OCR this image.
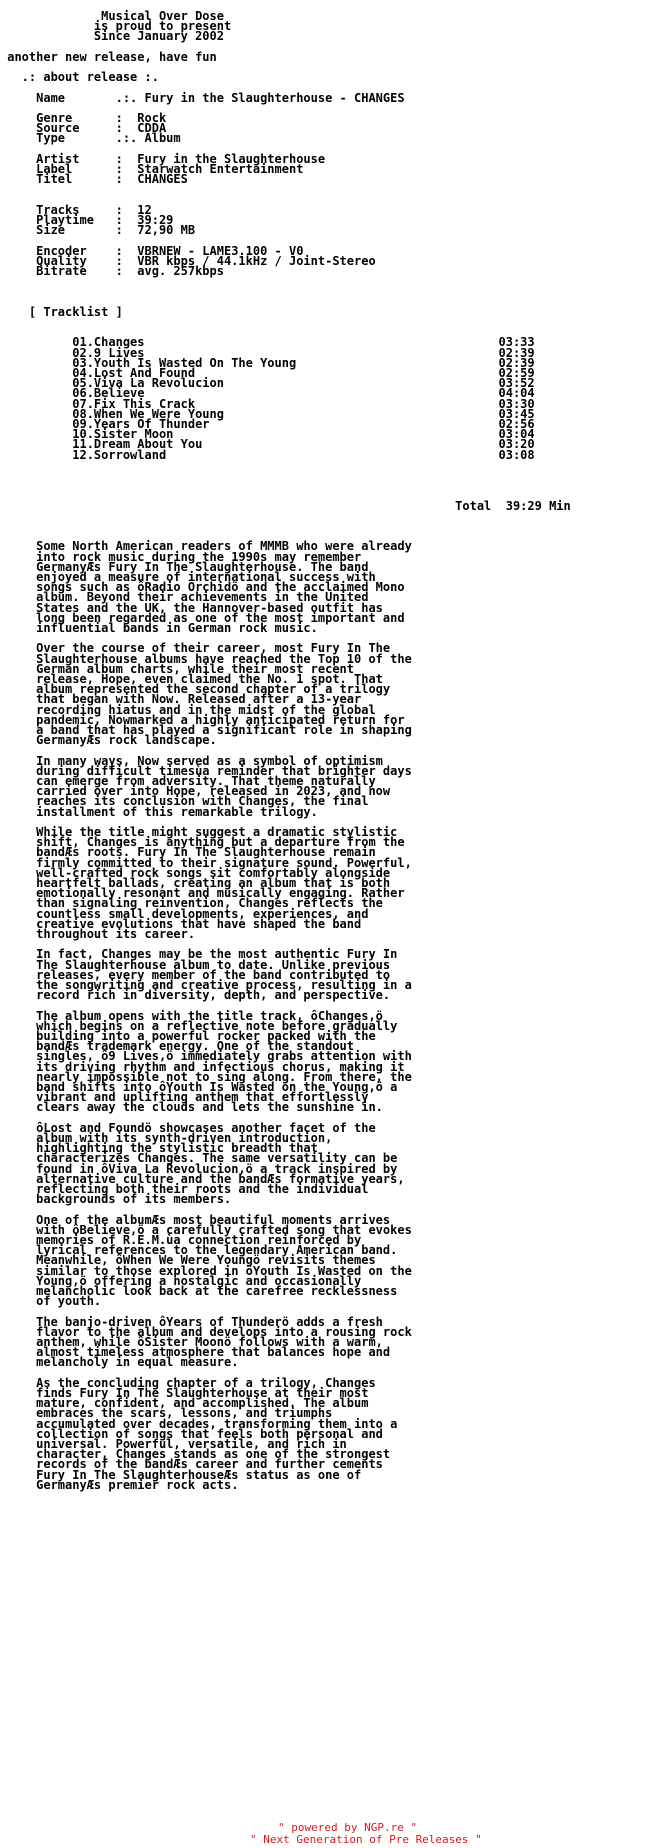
Musical Over Dose
is proud to present
Since January 2002
another new release, have fun
.: about release :.
Name       .:. Fury in the Slaughterhouse - CHANGES
Genre      :  Rock
Source     :  CDDA
Type       .:. Album
Artist     :  Fury in the Slaughterhouse
Label      :  Starwatch Entertainment
Titel      :  CHANGES
Tracks     :  12
Playtime   :  39:29
Size       :  72,90 MB
Encoder    :  VBRNEW - LAME3.100 - V0
Quality    :  VBR kbps / 44.1kHz / Joint-Stereo
Bitrate    :  avg. 257kbps
[ Tracklist ]
01.Changes                                                 03:33
02.9 Lives                                                 02:39
03.Youth Is Wasted On The Young                            02:39
04.Lost And Found                                          02:59
05.Viva La Revolucion                                      03:52
06.Believe                                                 04:04
07.Fix This Crack                                          03:30
08.When We Were Young                                      03:45
09.Years Of Thunder                                        02:56
10.Sister Moon                                             03:04
11.Dream About You                                         03:20
12.Sorrowland                                              03:08
Total  39:29 Min
Some North American readers of MMMB who were already
into rock music during the 1990s may remember
GermanyÆs Fury In The Slaughterhouse. The band
enjoyed a measure of international success with
songs such as ôRadio Orchidö and the acclaimed Mono
album. Beyond their achievements in the United
States and the UK, the Hannover-based outfit has
long been regarded as one of the most important and
influential bands in German rock music.
Over the course of their career, most Fury In The
Slaughterhouse albums have reached the Top 10 of the
German album charts, while their most recent
release, Hope, even claimed the No. 1 spot. That
album represented the second chapter of a trilogy
that began with Now. Released after a 13-year
recording hiatus and in the midst of the global
pandemic, Nowmarked a highly anticipated return for
a band that has played a significant role in shaping
GermanyÆs rock landscape.
In many ways, Now served as a symbol of optimism
during difficult timesùa reminder that brighter days
can emerge from adversity. That theme naturally
carried over into Hope, released in 2023, and now
reaches its conclusion with Changes, the final
installment of this remarkable trilogy.
While the title might suggest a dramatic stylistic
shift, Changes is anything but a departure from the
bandÆs roots. Fury In The Slaughterhouse remain
firmly committed to their signature sound. Powerful,
well-crafted rock songs sit comfortably alongside
heartfelt ballads, creating an album that is both
emotionally resonant and musically engaging. Rather
than signaling reinvention, Changes reflects the
countless small developments, experiences, and
creative evolutions that have shaped the band
throughout its career.
In fact, Changes may be the most authentic Fury In
The Slaughterhouse album to date. Unlike previous
releases, every member of the band contributed to
the songwriting and creative process, resulting in a
record rich in diversity, depth, and perspective.
The album opens with the title track, ôChanges,ö
which begins on a reflective note before gradually
building into a powerful rocker packed with the
bandÆs trademark energy. One of the standout
singles, ô9 Lives,ö immediately grabs attention with
its driving rhythm and infectious chorus, making it
nearly impossible not to sing along. From there, the
band shifts into ôYouth Is Wasted on the Young,ö a
vibrant and uplifting anthem that effortlessly
clears away the clouds and lets the sunshine in.
ôLost and Foundö showcases another facet of the
album with its synth-driven introduction,
highlighting the stylistic breadth that
characterizes Changes. The same versatility can be
found in ôViva La Revolucion,ö a track inspired by
alternative culture and the bandÆs formative years,
reflecting both their roots and the individual
backgrounds of its members.
One of the albumÆs most beautiful moments arrives
with ôBelieve,ö a carefully crafted song that evokes
memories of R.E.M.ùa connection reinforced by
lyrical references to the legendary American band.
Meanwhile, ôWhen We Were Youngö revisits themes
similar to those explored in ôYouth Is Wasted on the
Young,ö offering a nostalgic and occasionally
melancholic look back at the carefree recklessness
of youth.
The banjo-driven ôYears of Thunderö adds a fresh
flavor to the album and develops into a rousing rock
anthem, while ôSister Moonö follows with a warm,
almost timeless atmosphere that balances hope and
melancholy in equal measure.
As the concluding chapter of a trilogy, Changes
finds Fury In The Slaughterhouse at their most
mature, confident, and accomplished. The album
embraces the scars, lessons, and triumphs
accumulated over decades, transforming them into a
collection of songs that feels both personal and
universal. Powerful, versatile, and rich in
character, Changes stands as one of the strongest
records of the bandÆs career and further cements
Fury In The SlaughterhouseÆs status as one of
GermanyÆs premier rock acts.
" powered by NGP.re "
" Next Generation of Pre Releases "
